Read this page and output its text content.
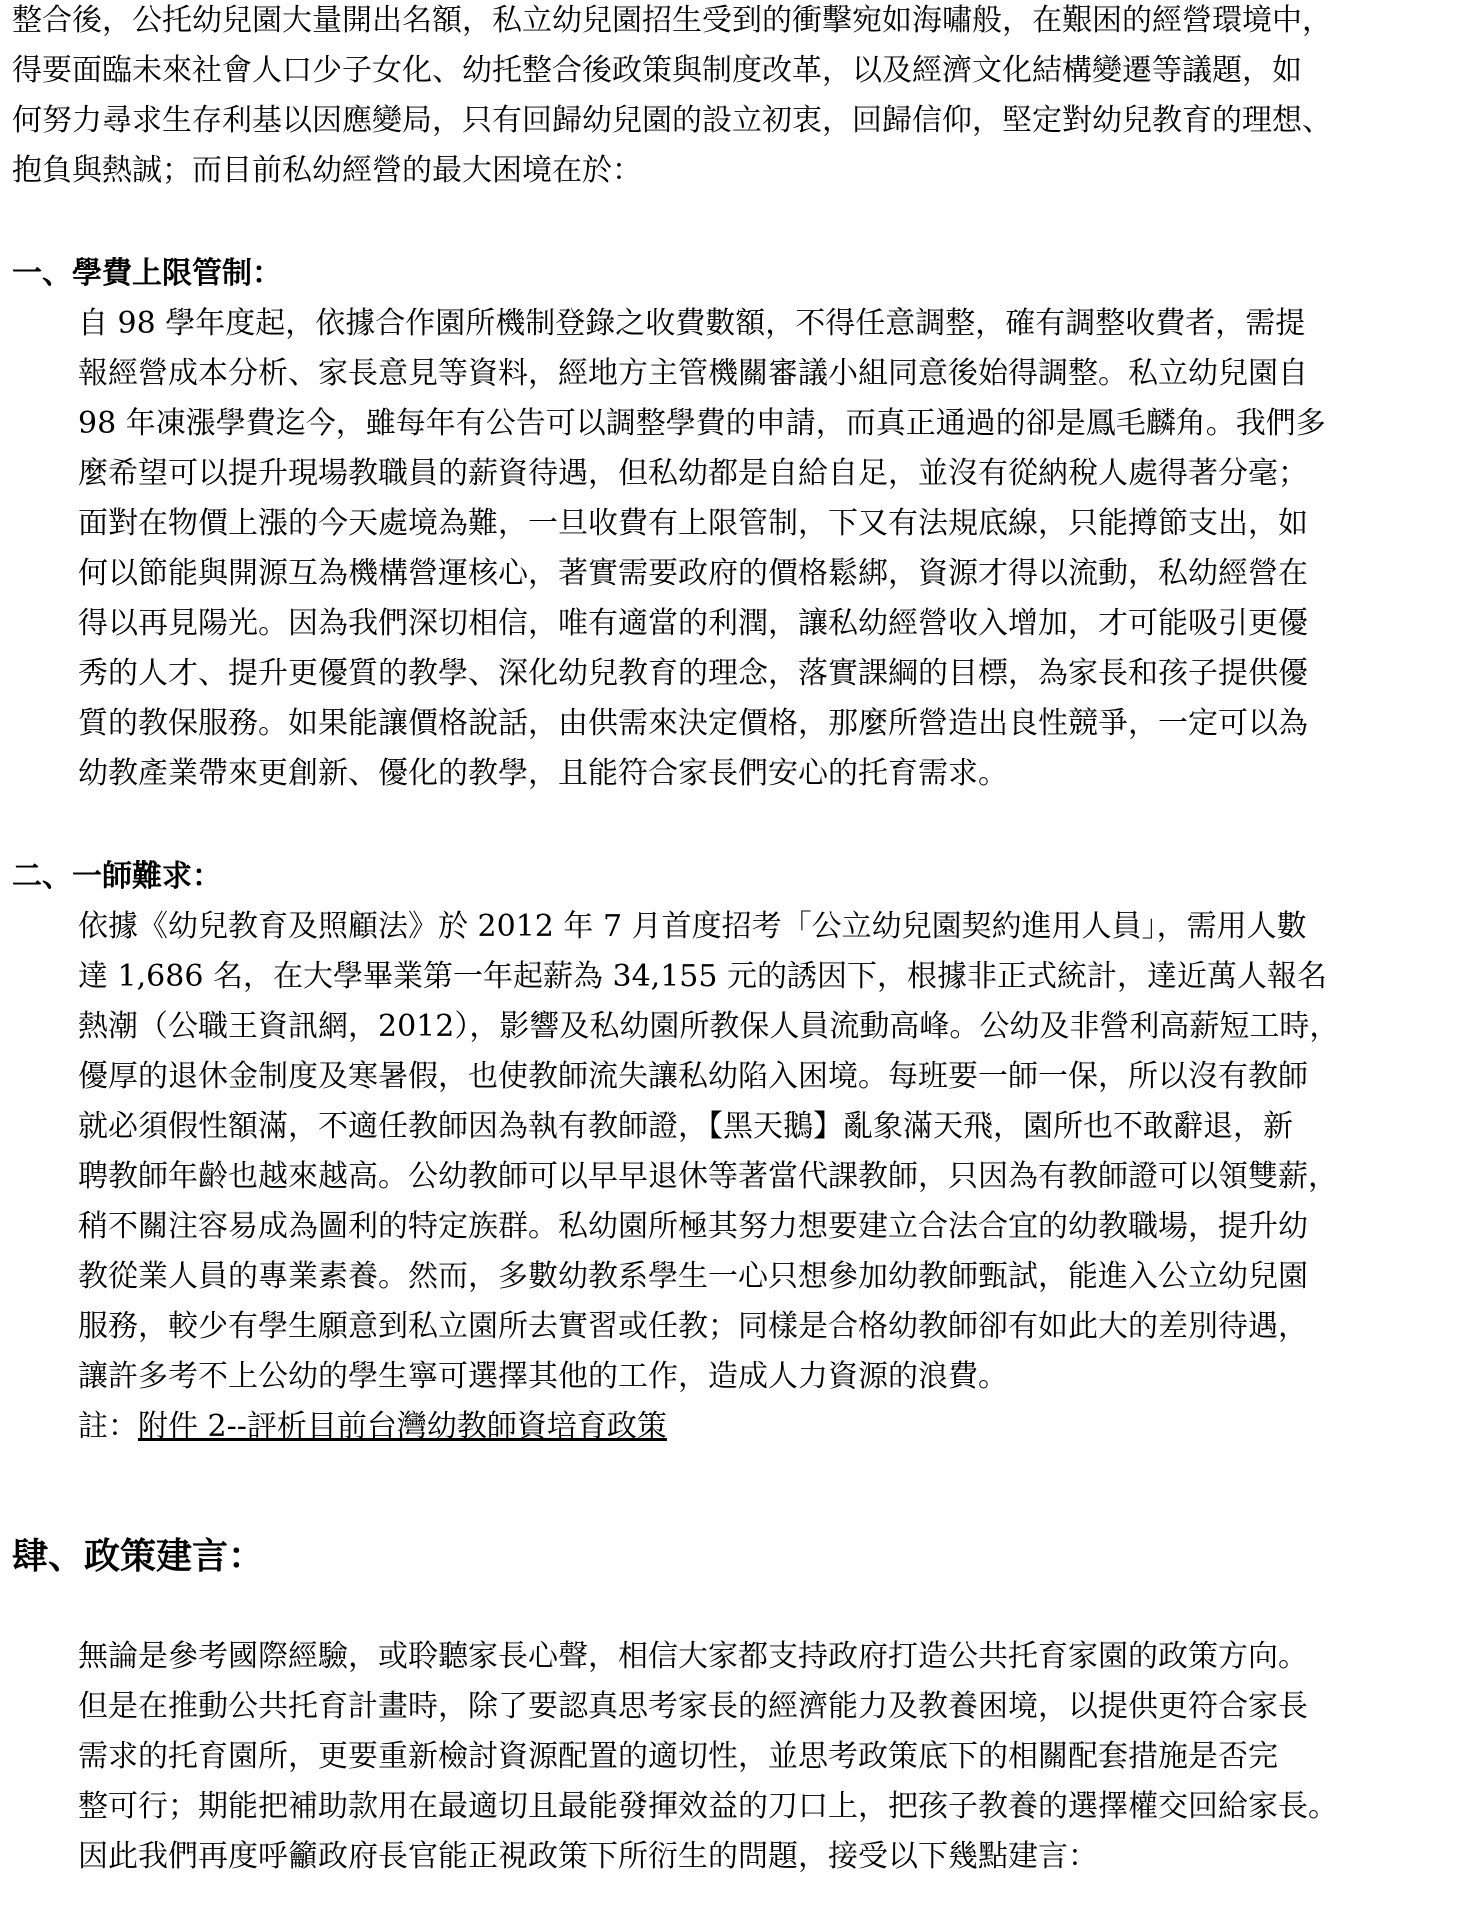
整合後，公托幼兒園大量開出名額，私立幼兒園招生受到的衝擊宛如海嘯般，在艱困的經營環境中，
得要面臨未來社會人口少子女化、幼托整合後政策與制度改革，以及經濟文化結構變遷等議題，如
何努力尋求生存利基以因應變局，只有回歸幼兒園的設立初衷，回歸信仰，堅定對幼兒教育的理想、
抱負與熱誠；而目前私幼經營的最大困境在於：
一、學費上限管制：
自 98 學年度起，依據合作園所機制登錄之收費數額，不得任意調整，確有調整收費者，需提
報經營成本分析、家長意見等資料，經地方主管機關審議小組同意後始得調整。私立幼兒園自
98 年凍漲學費迄今，雖每年有公告可以調整學費的申請，而真正通過的卻是鳳毛麟角。我們多
麼希望可以提升現場教職員的薪資待遇，但私幼都是自給自足，並沒有從納稅人處得著分毫；
面對在物價上漲的今天處境為難，一旦收費有上限管制，下又有法規底線，只能撙節支出，如
何以節能與開源互為機構營運核心，著實需要政府的價格鬆綁，資源才得以流動，私幼經營在
得以再見陽光。因為我們深切相信，唯有適當的利潤，讓私幼經營收入增加，才可能吸引更優
秀的人才、提升更優質的教學、深化幼兒教育的理念，落實課綱的目標，為家長和孩子提供優
質的教保服務。如果能讓價格說話，由供需來決定價格，那麼所營造出良性競爭，一定可以為
幼教產業帶來更創新、優化的教學，且能符合家長們安心的托育需求。
二、一師難求：
依據《幼兒教育及照顧法》於 2012 年 7 月首度招考「公立幼兒園契約進用人員」，需用人數
達 1,686 名，在大學畢業第一年起薪為 34,155 元的誘因下，根據非正式統計，達近萬人報名
熱潮（公職王資訊網，2012），影響及私幼園所教保人員流動高峰。公幼及非營利高薪短工時，
優厚的退休金制度及寒暑假，也使教師流失讓私幼陷入困境。每班要一師一保，所以沒有教師
就必須假性額滿，不適任教師因為執有教師證，【黑天鵝】亂象滿天飛，園所也不敢辭退，新
聘教師年齡也越來越高。公幼教師可以早早退休等著當代課教師，只因為有教師證可以領雙薪，
稍不關注容易成為圖利的特定族群。私幼園所極其努力想要建立合法合宜的幼教職場，提升幼
教從業人員的專業素養。然而，多數幼教系學生一心只想參加幼教師甄試，能進入公立幼兒園
服務，較少有學生願意到私立園所去實習或任教；同樣是合格幼教師卻有如此大的差別待遇，
讓許多考不上公幼的學生寧可選擇其他的工作，造成人力資源的浪費。
註：附件 2--評析目前台灣幼教師資培育政策
肆、政策建言：
無論是參考國際經驗，或聆聽家長心聲，相信大家都支持政府打造公共托育家園的政策方向。
但是在推動公共托育計畫時，除了要認真思考家長的經濟能力及教養困境，以提供更符合家長
需求的托育園所，更要重新檢討資源配置的適切性，並思考政策底下的相關配套措施是否完
整可行；期能把補助款用在最適切且最能發揮效益的刀口上，把孩子教養的選擇權交回給家長。
因此我們再度呼籲政府長官能正視政策下所衍生的問題，接受以下幾點建言：
